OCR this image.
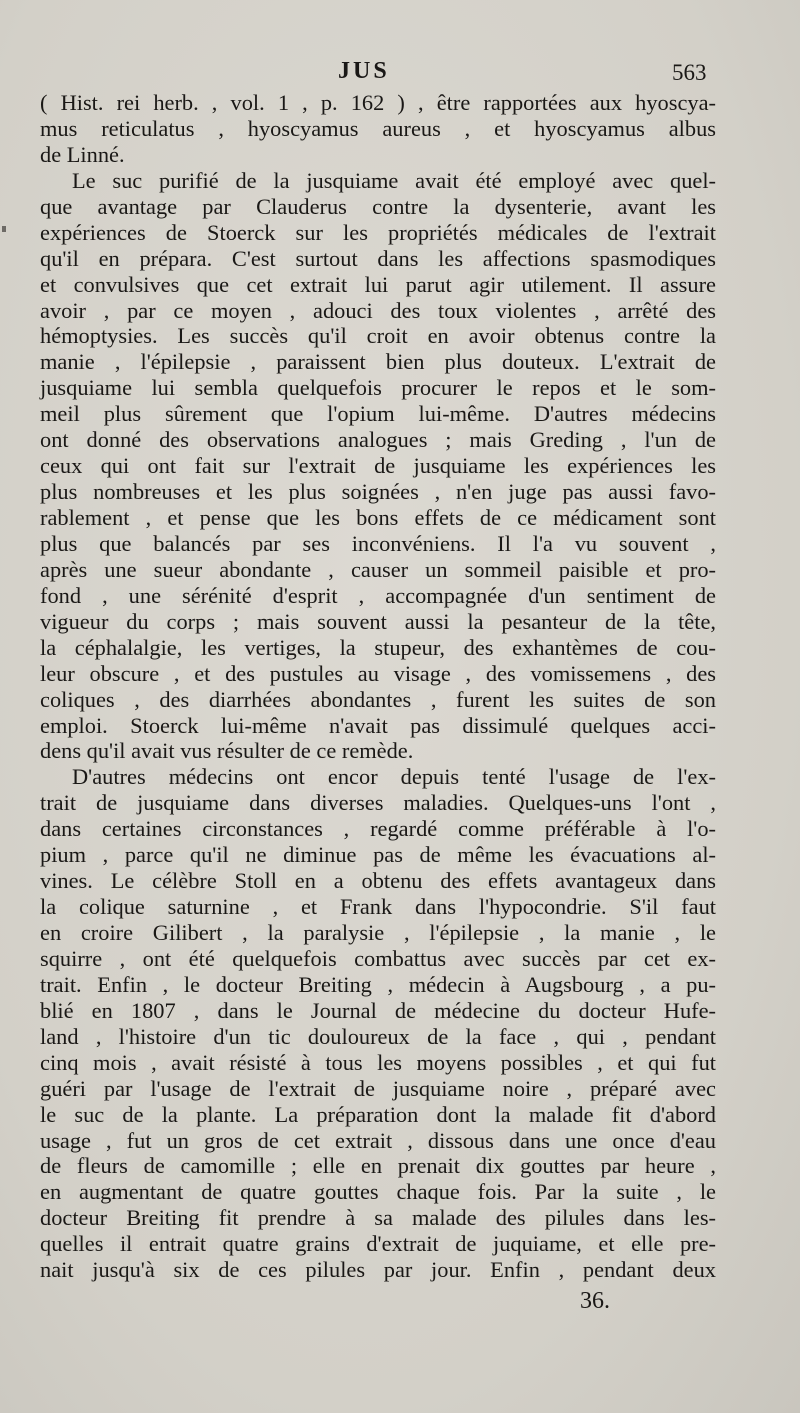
JUS	563
( Hist. rei herb. , vol. 1 , p. 162 ) , être rapportées aux hyoscya-
mus reticulatus , hyoscyamus aureus , et hyoscyamus albus
de Linné.
Le suc purifié de la jusquiame avait été employé avec quel-
que avantage par Clauderus contre la dysenterie, avant les
expériences de Stoerck sur les propriétés médicales de l'extrait
qu'il en prépara. C'est surtout dans les affections spasmodiques
et convulsives que cet extrait lui parut agir utilement. Il assure
avoir , par ce moyen , adouci des toux violentes , arrêté des
hémoptysies. Les succès qu'il croit en avoir obtenus contre la
manie , l'épilepsie , paraissent bien plus douteux. L'extrait de
jusquiame lui sembla quelquefois procurer le repos et le som-
meil plus sûrement que l'opium lui-même. D'autres médecins
ont donné des observations analogues ; mais Greding , l'un de
ceux qui ont fait sur l'extrait de jusquiame les expériences les
plus nombreuses et les plus soignées , n'en juge pas aussi favo-
rablement , et pense que les bons effets de ce médicament sont
plus que balancés par ses inconvéniens. Il l'a vu souvent ,
après une sueur abondante , causer un sommeil paisible et pro-
fond , une sérénité d'esprit , accompagnée d'un sentiment de
vigueur du corps ; mais souvent aussi la pesanteur de la tête,
la céphalalgie, les vertiges, la stupeur, des exhantèmes de cou-
leur obscure , et des pustules au visage , des vomissemens , des
coliques , des diarrhées abondantes , furent les suites de son
emploi. Stoerck lui-même n'avait pas dissimulé quelques acci-
dens qu'il avait vus résulter de ce remède.
D'autres médecins ont encor depuis tenté l'usage de l'ex-
trait de jusquiame dans diverses maladies. Quelques-uns l'ont ,
dans certaines circonstances , regardé comme préférable à l'o-
pium , parce qu'il ne diminue pas de même les évacuations al-
vines. Le célèbre Stoll en a obtenu des effets avantageux dans
la colique saturnine , et Frank dans l'hypocondrie. S'il faut
en croire Gilibert , la paralysie , l'épilepsie , la manie , le
squirre , ont été quelquefois combattus avec succès par cet ex-
trait. Enfin , le docteur Breiting , médecin à Augsbourg , a pu-
blié en 1807 , dans le Journal de médecine du docteur Hufe-
land , l'histoire d'un tic douloureux de la face , qui , pendant
cinq mois , avait résisté à tous les moyens possibles , et qui fut
guéri par l'usage de l'extrait de jusquiame noire , préparé avec
le suc de la plante. La préparation dont la malade fit d'abord
usage , fut un gros de cet extrait , dissous dans une once d'eau
de fleurs de camomille ; elle en prenait dix gouttes par heure ,
en augmentant de quatre gouttes chaque fois. Par la suite , le
docteur Breiting fit prendre à sa malade des pilules dans les-
quelles il entrait quatre grains d'extrait de juquiame, et elle pre-
nait jusqu'à six de ces pilules par jour. Enfin , pendant deux
36.
